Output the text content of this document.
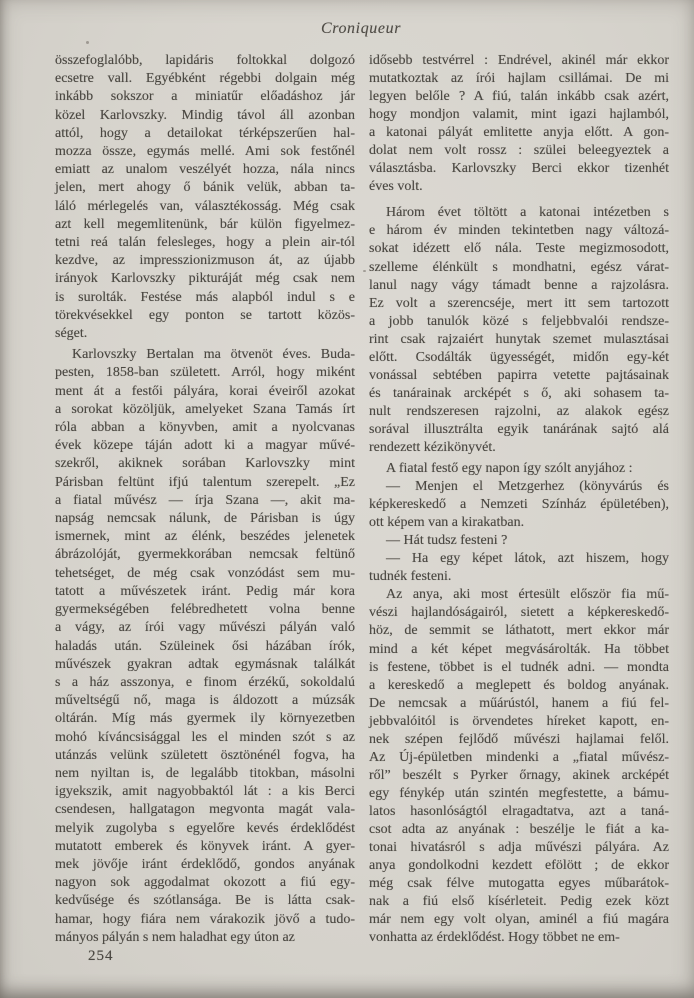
Croniqueur
összefoglalóbb, lapidáris foltokkal dolgozó
ecsetre vall. Egyébként régebbi dolgain még
inkább sokszor a miniatűr előadáshoz jár
közel Karlovszky. Mindig távol áll azonban
attól, hogy a detailokat térképszerűen hal-
mozza össze, egymás mellé. Ami sok festőnél
emiatt az unalom veszélyét hozza, nála nincs
jelen, mert ahogy ő bánik velük, abban ta-
láló mérlegelés van, választékosság. Még csak
azt kell megemlitenünk, bár külön figyelmez-
tetni reá talán felesleges, hogy a plein air-tól
kezdve, az impresszionizmuson át, az újabb
irányok Karlovszky pikturáját még csak nem
is surolták. Festése más alapból indul s e
törekvésekkel egy ponton se tartott közös-
séget.
Karlovszky Bertalan ma ötvenöt éves. Buda-
pesten, 1858-ban született. Arról, hogy miként
ment át a festői pályára, korai éveiről azokat
a sorokat közöljük, amelyeket Szana Tamás írt
róla abban a könyvben, amit a nyolcvanas
évek közepe táján adott ki a magyar művé-
szekről, akiknek sorában Karlovszky mint
Párisban feltünt ifjú talentum szerepelt. „Ez
a fiatal művész — írja Szana —, akit ma-
napság nemcsak nálunk, de Párisban is úgy
ismernek, mint az élénk, beszédes jelenetek
ábrázolóját, gyermekkorában nemcsak feltünő
tehetséget, de még csak vonzódást sem mu-
tatott a művészetek iránt. Pedig már kora
gyermekségében felébredhetett volna benne
a vágy, az írói vagy művészi pályán való
haladás után. Szüleinek ősi házában írók,
művészek gyakran adtak egymásnak találkát
s a ház asszonya, e finom érzékű, sokoldalú
műveltségű nő, maga is áldozott a múzsák
oltárán. Míg más gyermek ily környezetben
mohó kíváncsisággal les el minden szót s az
utánzás velünk született ösztönénél fogva, ha
nem nyiltan is, de legalább titokban, másolni
igyekszik, amit nagyobbaktól lát : a kis Berci
csendesen, hallgatagon megvonta magát vala-
melyik zugolyba s egyelőre kevés érdeklődést
mutatott emberek és könyvek iránt. A gyer-
mek jövője iránt érdeklődő, gondos anyának
nagyon sok aggodalmat okozott a fiú egy-
kedvűsége és szótlansága. Be is látta csak-
hamar, hogy fiára nem várakozik jövő a tudo-
mányos pályán s nem haladhat egy úton az
idősebb testvérrel : Endrével, akinél már ekkor
mutatkoztak az írói hajlam csillámai. De mi
legyen belőle ? A fiú, talán inkább csak azért,
hogy mondjon valamit, mint igazi hajlamból,
a katonai pályát emlitette anyja előtt. A gon-
dolat nem volt rossz : szülei beleegyeztek a
választásba. Karlovszky Berci ekkor tizenhét
éves volt.
Három évet töltött a katonai intézetben s
e három év minden tekintetben nagy változá-
sokat idézett elő nála. Teste megizmosodott,
szelleme élénkült s mondhatni, egész várat-
lanul nagy vágy támadt benne a rajzolásra.
Ez volt a szerencséje, mert itt sem tartozott
a jobb tanulók közé s feljebbvalói rendsze-
rint csak rajzaiért hunytak szemet mulasztásai
előtt. Csodálták ügyességét, midőn egy-két
vonással sebtében papirra vetette pajtásainak
és tanárainak arcképét s ő, aki sohasem ta-
nult rendszeresen rajzolni, az alakok egész
sorával illusztrálta egyik tanárának sajtó alá
rendezett kézikönyvét.
A fiatal festő egy napon így szólt anyjához :
— Menjen el Metzgerhez (könyvárús és
képkereskedő a Nemzeti Színház épületében),
ott képem van a kirakatban.
— Hát tudsz festeni ?
— Ha egy képet látok, azt hiszem, hogy
tudnék festeni.
Az anya, aki most értesült először fia mű-
vészi hajlandóságairól, sietett a képkereskedő-
höz, de semmit se láthatott, mert ekkor már
mind a két képet megvásárolták. Ha többet
is festene, többet is el tudnék adni. — mondta
a kereskedő a meglepett és boldog anyának.
De nemcsak a műárústól, hanem a fiú fel-
jebbvalóitól is örvendetes híreket kapott, en-
nek szépen fejlődő művészi hajlamai felől.
Az Új-épületben mindenki a „fiatal művész-
ről” beszélt s Pyrker őrnagy, akinek arcképét
egy fénykép után szintén megfestette, a bámu-
latos hasonlóságtól elragadtatva, azt a taná-
csot adta az anyának : beszélje le fiát a ka-
tonai hivatásról s adja művészi pályára. Az
anya gondolkodni kezdett efölött ; de ekkor
még csak félve mutogatta egyes műbarátok-
nak a fiú első kísérleteit. Pedig ezek közt
már nem egy volt olyan, aminél a fiú magára
vonhatta az érdeklődést. Hogy többet ne em-
254
